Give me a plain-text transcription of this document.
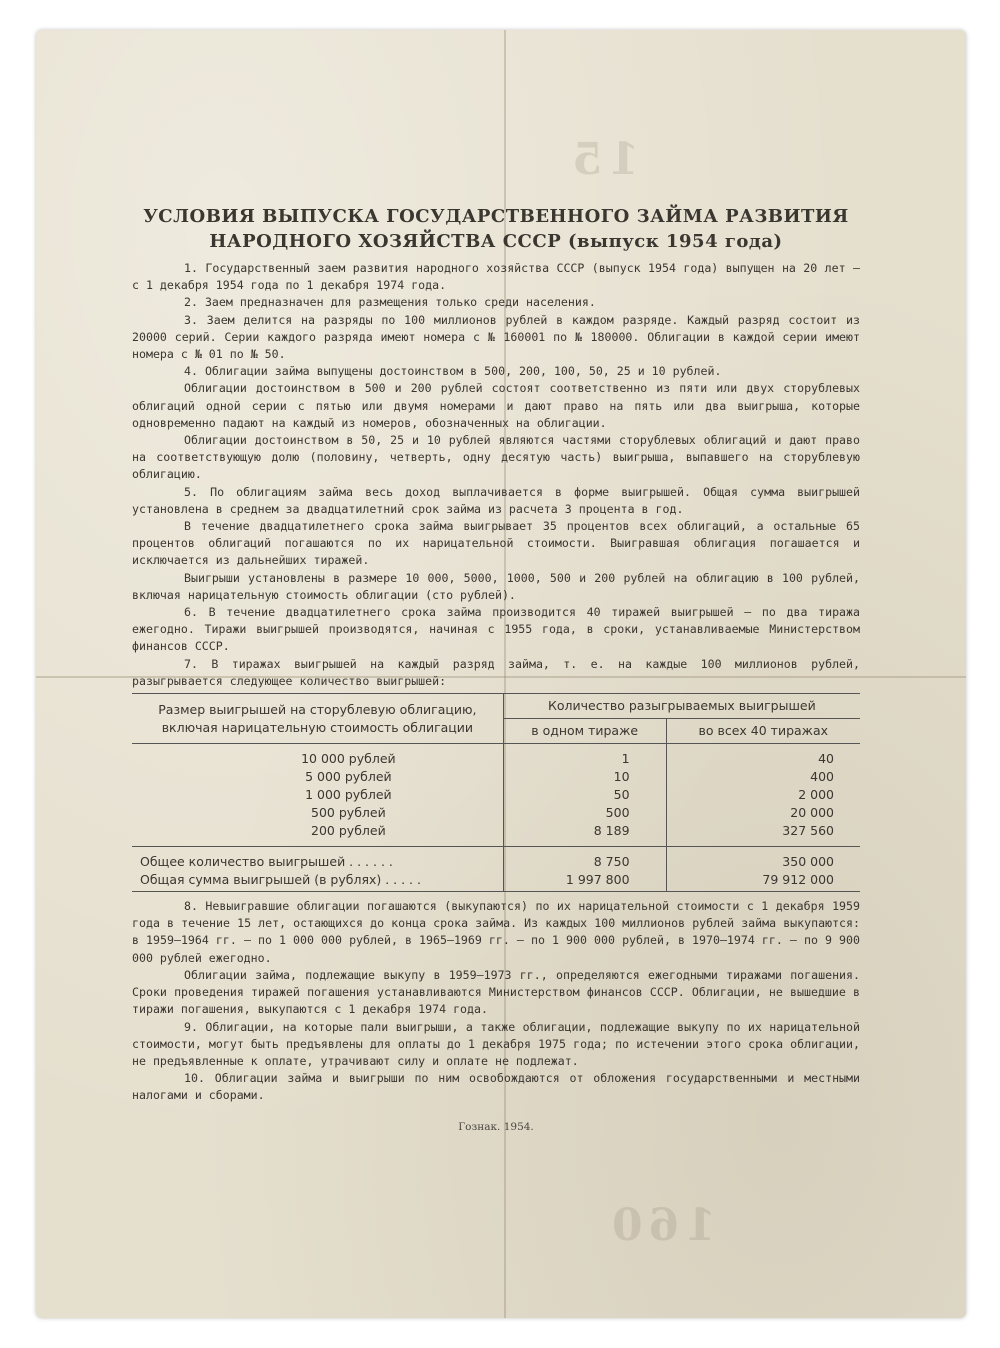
15
160
УСЛОВИЯ ВЫПУСКА ГОСУДАРСТВЕННОГО ЗАЙМА РАЗВИТИЯ
НАРОДНОГО ХОЗЯЙСТВА СССР (выпуск 1954 года)

1. Государственный заем развития народного хозяйства СССР (выпуск 1954 года) выпущен на 20 лет — с 1 декабря 1954 года по 1 декабря 1974 года.

2. Заем предназначен для размещения только среди населения.

3. Заем делится на разряды по 100 миллионов рублей в каждом разряде. Каждый разряд состоит из 20000 серий. Серии каждого разряда имеют номера с № 160001 по № 180000. Облигации в каждой серии имеют номера с № 01 по № 50.

4. Облигации займа выпущены достоинством в 500, 200, 100, 50, 25 и 10 рублей.

Облигации достоинством в 500 и 200 рублей состоят соответственно из пяти или двух сторублевых облигаций одной серии с пятью или двумя номерами и дают право на пять или два выигрыша, которые одновременно падают на каждый из номеров, обозначенных на облигации.

Облигации достоинством в 50, 25 и 10 рублей являются частями сторублевых облигаций и дают право на соответствующую долю (половину, четверть, одну десятую часть) выигрыша, выпавшего на сторублевую облигацию.

5. По облигациям займа весь доход выплачивается в форме выигрышей. Общая сумма выигрышей установлена в среднем за двадцатилетний срок займа из расчета 3 процента в год.

В течение двадцатилетнего срока займа выигрывает 35 процентов всех облигаций, а остальные 65 процентов облигаций погашаются по их нарицательной стоимости. Выигравшая облигация погашается и исключается из дальнейших тиражей.

Выигрыши установлены в размере 10 000, 5000, 1000, 500 и 200 рублей на облигацию в 100 рублей, включая нарицательную стоимость облигации (сто рублей).

6. В течение двадцатилетнего срока займа производится 40 тиражей выигрышей — по два тиража ежегодно. Тиражи выигрышей производятся, начиная с 1955 года, в сроки, устанавливаемые Министерством финансов СССР.

7. В тиражах выигрышей на каждый разряд займа, т. е. на каждые 100 миллионов рублей, разыгрывается следующее количество выигрышей:

Размер выигрышей на сторублевую облигацию, включая нарицательную стоимость облигации	Количество разыгрываемых выигрышей	
	в одном тираже	во всех 40 тиражах
10 000 рублей	1	40
5 000 рублей	10	400
1 000 рублей	50	2 000
500 рублей	500	20 000
200 рублей	8 189	327 560
Общее количество выигрышей . . . . . .	8 750	350 000
Общая сумма выигрышей (в рублях) . . . . .	1 997 800	79 912 000

8. Невыигравшие облигации погашаются (выкупаются) по их нарицательной стоимости с 1 декабря 1959 года в течение 15 лет, остающихся до конца срока займа. Из каждых 100 миллионов рублей займа выкупаются: в 1959—1964 гг. — по 1 000 000 рублей, в 1965—1969 гг. — по 1 900 000 рублей, в 1970—1974 гг. — по 9 900 000 рублей ежегодно.

Облигации займа, подлежащие выкупу в 1959—1973 гг., определяются ежегодными тиражами погашения. Сроки проведения тиражей погашения устанавливаются Министерством финансов СССР. Облигации, не вышедшие в тиражи погашения, выкупаются с 1 декабря 1974 года.

9. Облигации, на которые пали выигрыши, а также облигации, подлежащие выкупу по их нарицательной стоимости, могут быть предъявлены для оплаты до 1 декабря 1975 года; по истечении этого срока облигации, не предъявленные к оплате, утрачивают силу и оплате не подлежат.

10. Облигации займа и выигрыши по ним освобождаются от обложения государственными и местными налогами и сборами.

Гознак. 1954.
